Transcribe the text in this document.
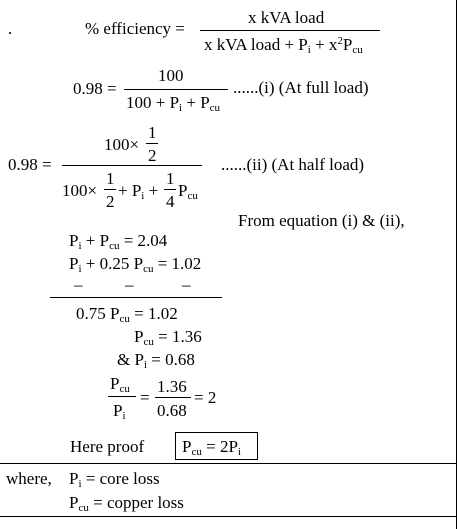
.	% efficiency =
x kVA load
x kVA load + $P_i + x^2P_{cu}$
0.98 =
100
$100 + P_i + P_{cu}$
......(i) (At full load)
0.98 =
100×
1
2
100×
1
2
+ $P_i$ +
1
4
$P_{cu}$
......(ii) (At half load)
From equation (i) & (ii),
$P_i + P_{cu} = 2.04$
$P_i + 0.25$ $P_{cu} = 1.02$
–	–	–
0.75 $P_{cu} = 1.02$
$P_{cu} = 1.36$
& $P_i = 0.68$
$P_{cu}$
$P_i$
=
1.36
0.68
= 2
Here proof $P_{cu} = 2P_i$
where, $P_i$ = core loss
$P_{cu}$ = copper loss
